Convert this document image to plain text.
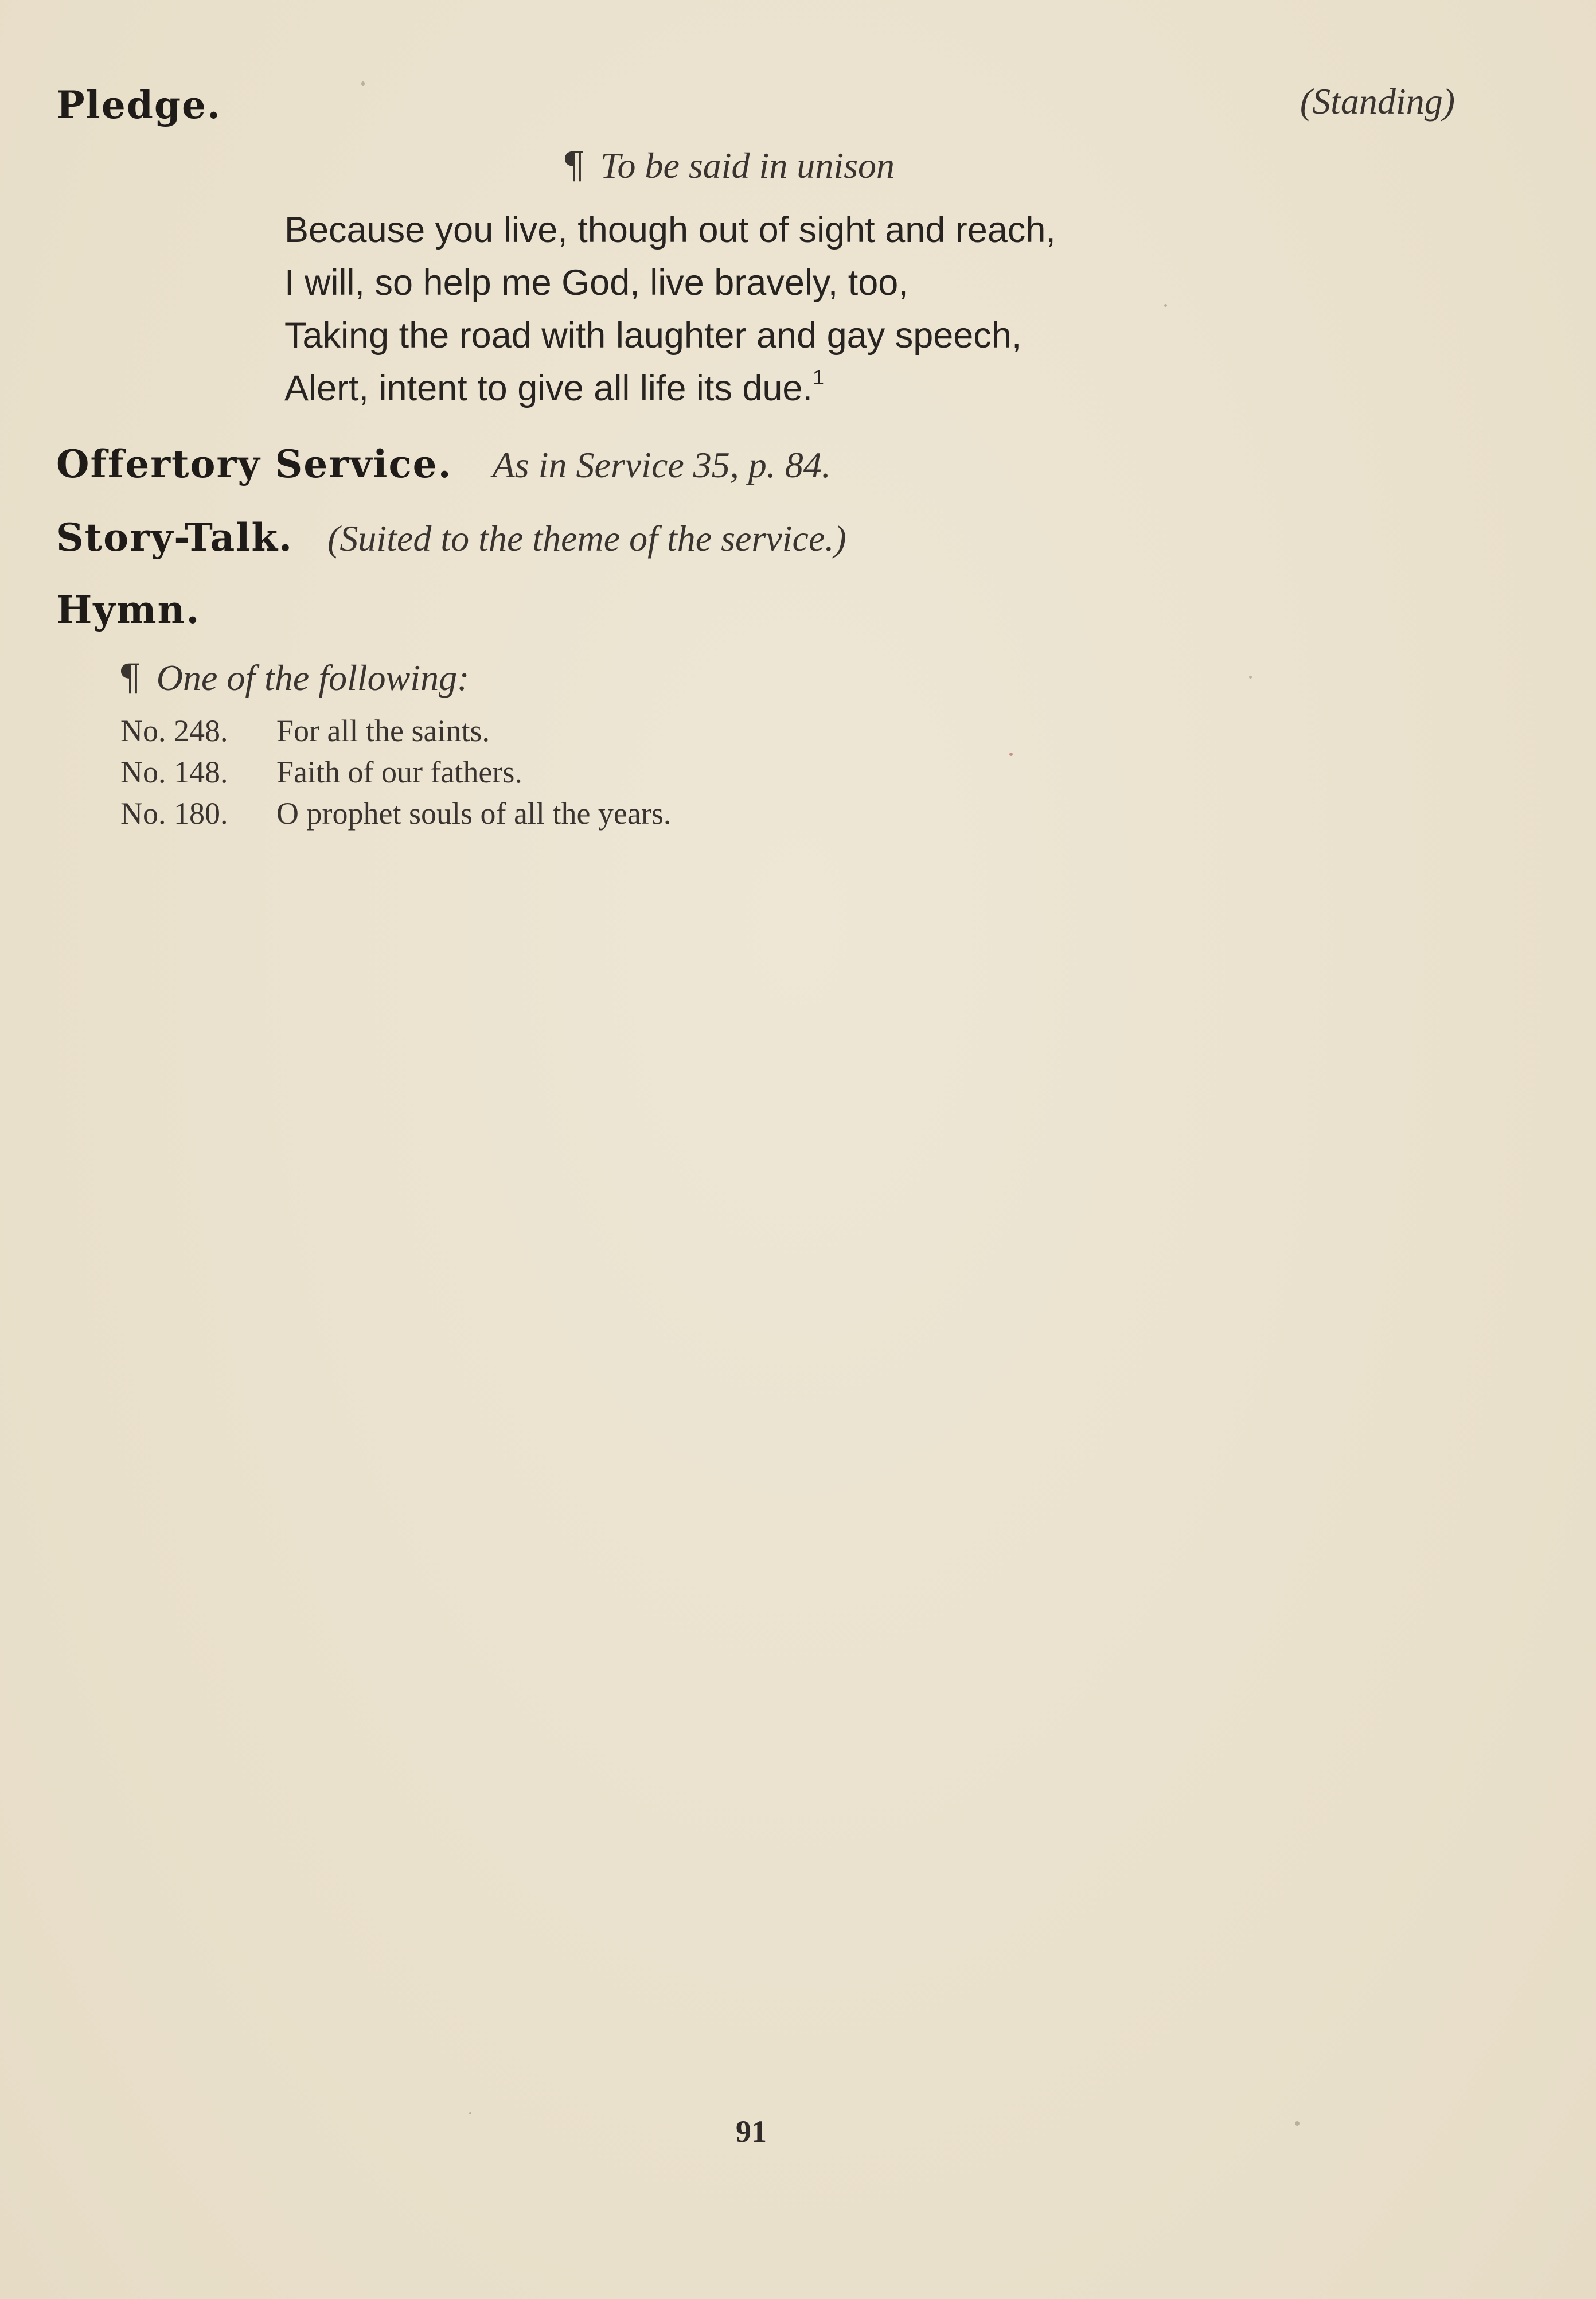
Pledge.	(Standing)
¶ To be said in unison
Because you live, though out of sight and reach,
I will, so help me God, live bravely, too,
Taking the road with laughter and gay speech,
Alert, intent to give all life its due.$^1$
Offertory Service. As in Service 35, p. 84.
Story-Talk. (Suited to the theme of the service.)
Hymn.
¶ One of the following:
No. 248.	For all the saints.
No. 148.	Faith of our fathers.
No. 180.	O prophet souls of all the years.
91
